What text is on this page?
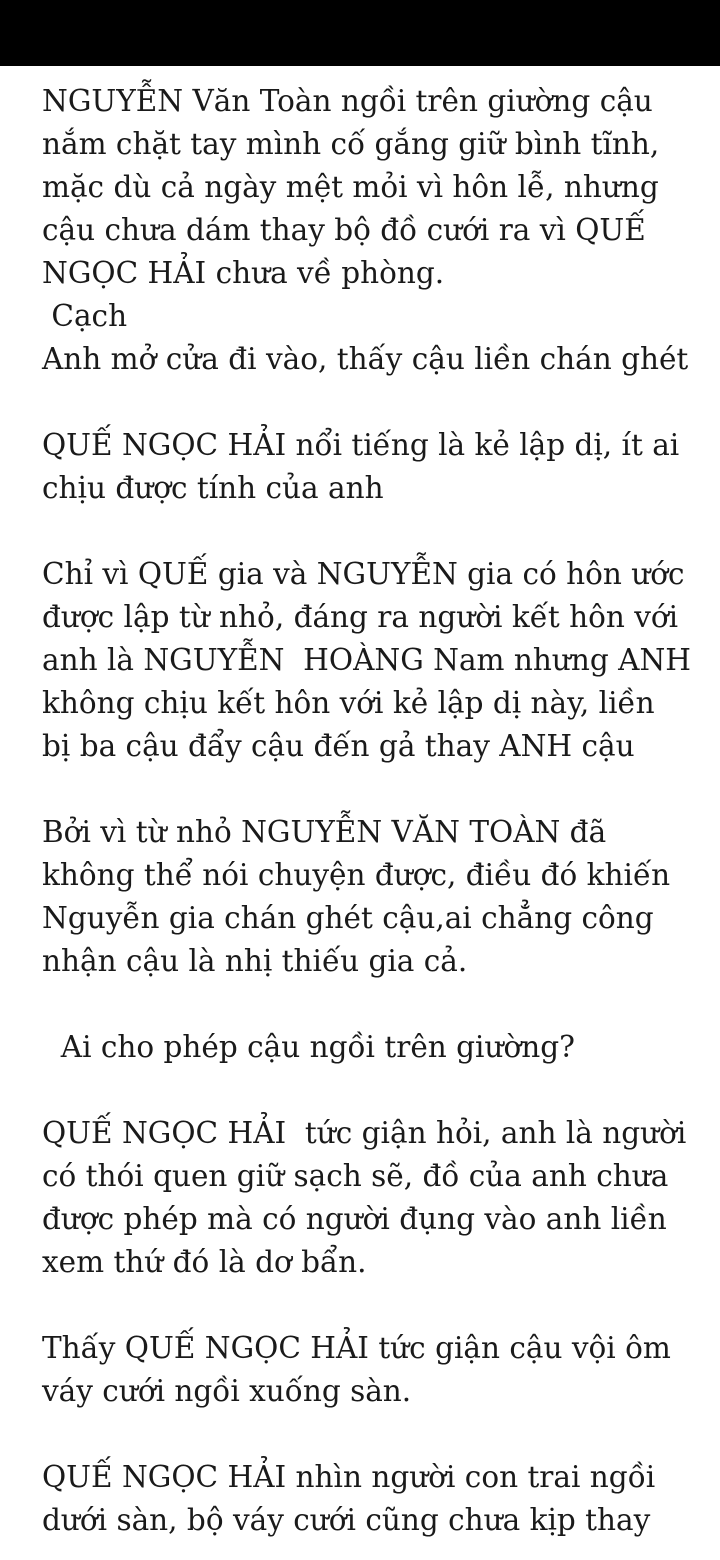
NGUYỄN Văn Toàn ngồi trên giường cậu nắm chặt tay mình cố gắng giữ bình tĩnh, mặc dù cả ngày mệt mỏi vì hôn lễ, nhưng cậu chưa dám thay bộ đồ cưới ra vì QUẾ NGỌC HẢI chưa về phòng.

Cạch

Anh mở cửa đi vào, thấy cậu liền chán ghét

QUẾ NGỌC HẢI nổi tiếng là kẻ lập dị, ít ai chịu được tính của anh

Chỉ vì QUẾ gia và NGUYỄN gia có hôn ước được lập từ nhỏ, đáng ra người kết hôn với anh là NGUYỄN  HOÀNG Nam nhưng ANH không chịu kết hôn với kẻ lập dị này, liền bị ba cậu đẩy cậu đến gả thay ANH cậu

Bởi vì từ nhỏ NGUYỄN VĂN TOÀN đã không thể nói chuyện được, điều đó khiến Nguyễn gia chán ghét cậu,ai chẳng công nhận cậu là nhị thiếu gia cả.

Ai cho phép cậu ngồi trên giường?

QUẾ NGỌC HẢI  tức giận hỏi, anh là người có thói quen giữ sạch sẽ, đồ của anh chưa được phép mà có người đụng vào anh liền xem thứ đó là dơ bẩn.

Thấy QUẾ NGỌC HẢI tức giận cậu vội ôm váy cưới ngồi xuống sàn.

QUẾ NGỌC HẢI nhìn người con trai ngồi dưới sàn, bộ váy cưới cũng chưa kịp thay
